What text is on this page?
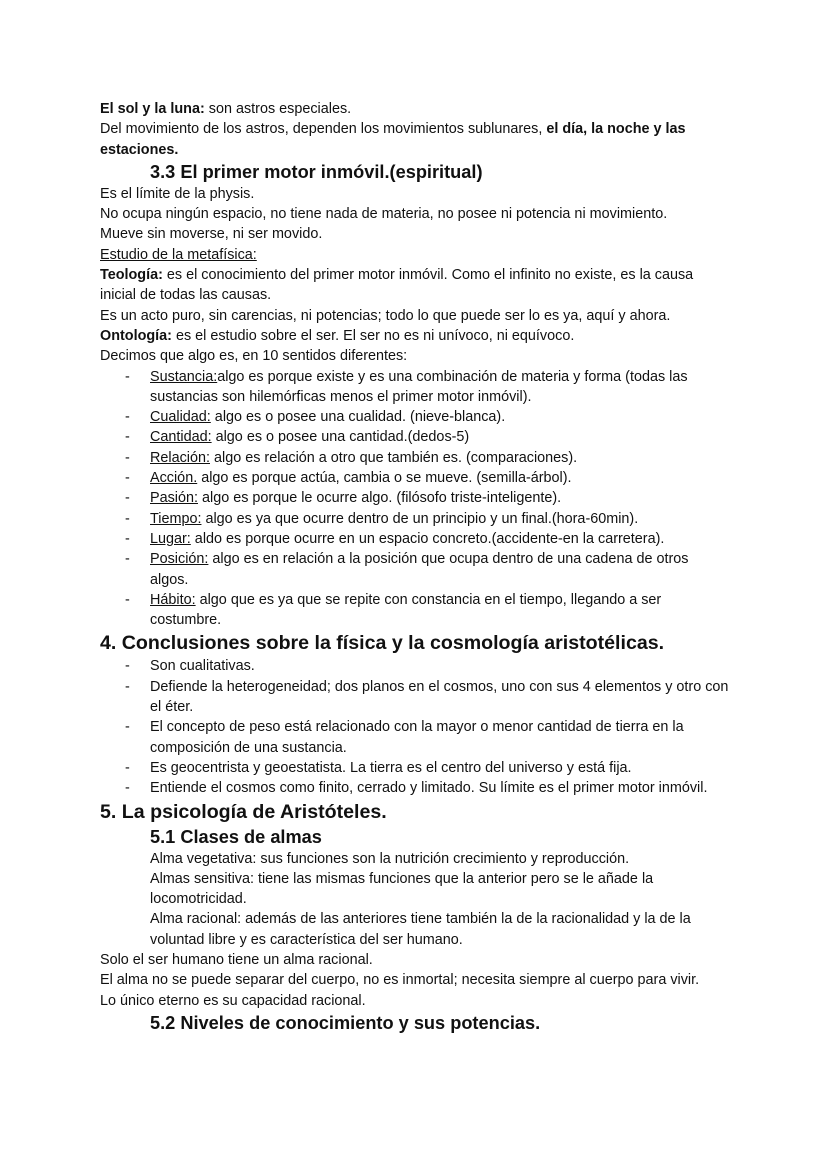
El sol y la luna: son astros especiales.

Del movimiento de los astros, dependen los movimientos sublunares, el día, la noche y las estaciones.

3.3 El primer motor inmóvil.(espiritual)

Es el límite de la physis.

No ocupa ningún espacio, no tiene nada de materia, no posee ni potencia ni movimiento.

Mueve sin moverse, ni ser movido.

Estudio de la metafísica:

Teología: es el conocimiento del primer motor inmóvil. Como el infinito no existe, es la causa inicial de todas las causas.

Es un acto puro, sin carencias, ni potencias; todo lo que puede ser lo es ya, aquí y ahora.

Ontología: es el estudio sobre el ser. El ser no es ni unívoco, ni equívoco.

Decimos que algo es, en 10 sentidos diferentes:

- Sustancia:algo es porque existe y es una combinación de materia y forma (todas las sustancias son hilemórficas menos el primer motor inmóvil).
- Cualidad: algo es o posee una cualidad. (nieve-blanca).
- Cantidad: algo es o posee una cantidad.(dedos-5)
- Relación: algo es relación a otro que también es. (comparaciones).
- Acción. algo es porque actúa, cambia o se mueve. (semilla-árbol).
- Pasión: algo es porque le ocurre algo. (filósofo triste-inteligente).
- Tiempo: algo es ya que ocurre dentro de un principio y un final.(hora-60min).
- Lugar: aldo es porque ocurre en un espacio concreto.(accidente-en la carretera).
- Posición: algo es en relación a la posición que ocupa dentro de una cadena de otros algos.
- Hábito: algo que es ya que se repite con constancia en el tiempo, llegando a ser costumbre.

4. Conclusiones sobre la física y la cosmología aristotélicas.

- Son cualitativas.
- Defiende la heterogeneidad; dos planos en el cosmos, uno con sus 4 elementos y otro con el éter.
- El concepto de peso está relacionado con la mayor o menor cantidad de tierra en la composición de una sustancia.
- Es geocentrista y geoestatista. La tierra es el centro del universo y está fija.
- Entiende el cosmos como finito, cerrado y limitado. Su límite es el primer motor inmóvil.

5. La psicología de Aristóteles.

5.1 Clases de almas

Alma vegetativa: sus funciones son la nutrición crecimiento y reproducción.

Almas sensitiva: tiene las mismas funciones que la anterior pero se le añade la locomotricidad.

Alma racional: además de las anteriores tiene también la de la racionalidad y la de la voluntad libre y es característica del ser humano.

Solo el ser humano tiene un alma racional.

El alma no se puede separar del cuerpo, no es inmortal; necesita siempre al cuerpo para vivir.

Lo único eterno es su capacidad racional.

5.2 Niveles de conocimiento y sus potencias.
